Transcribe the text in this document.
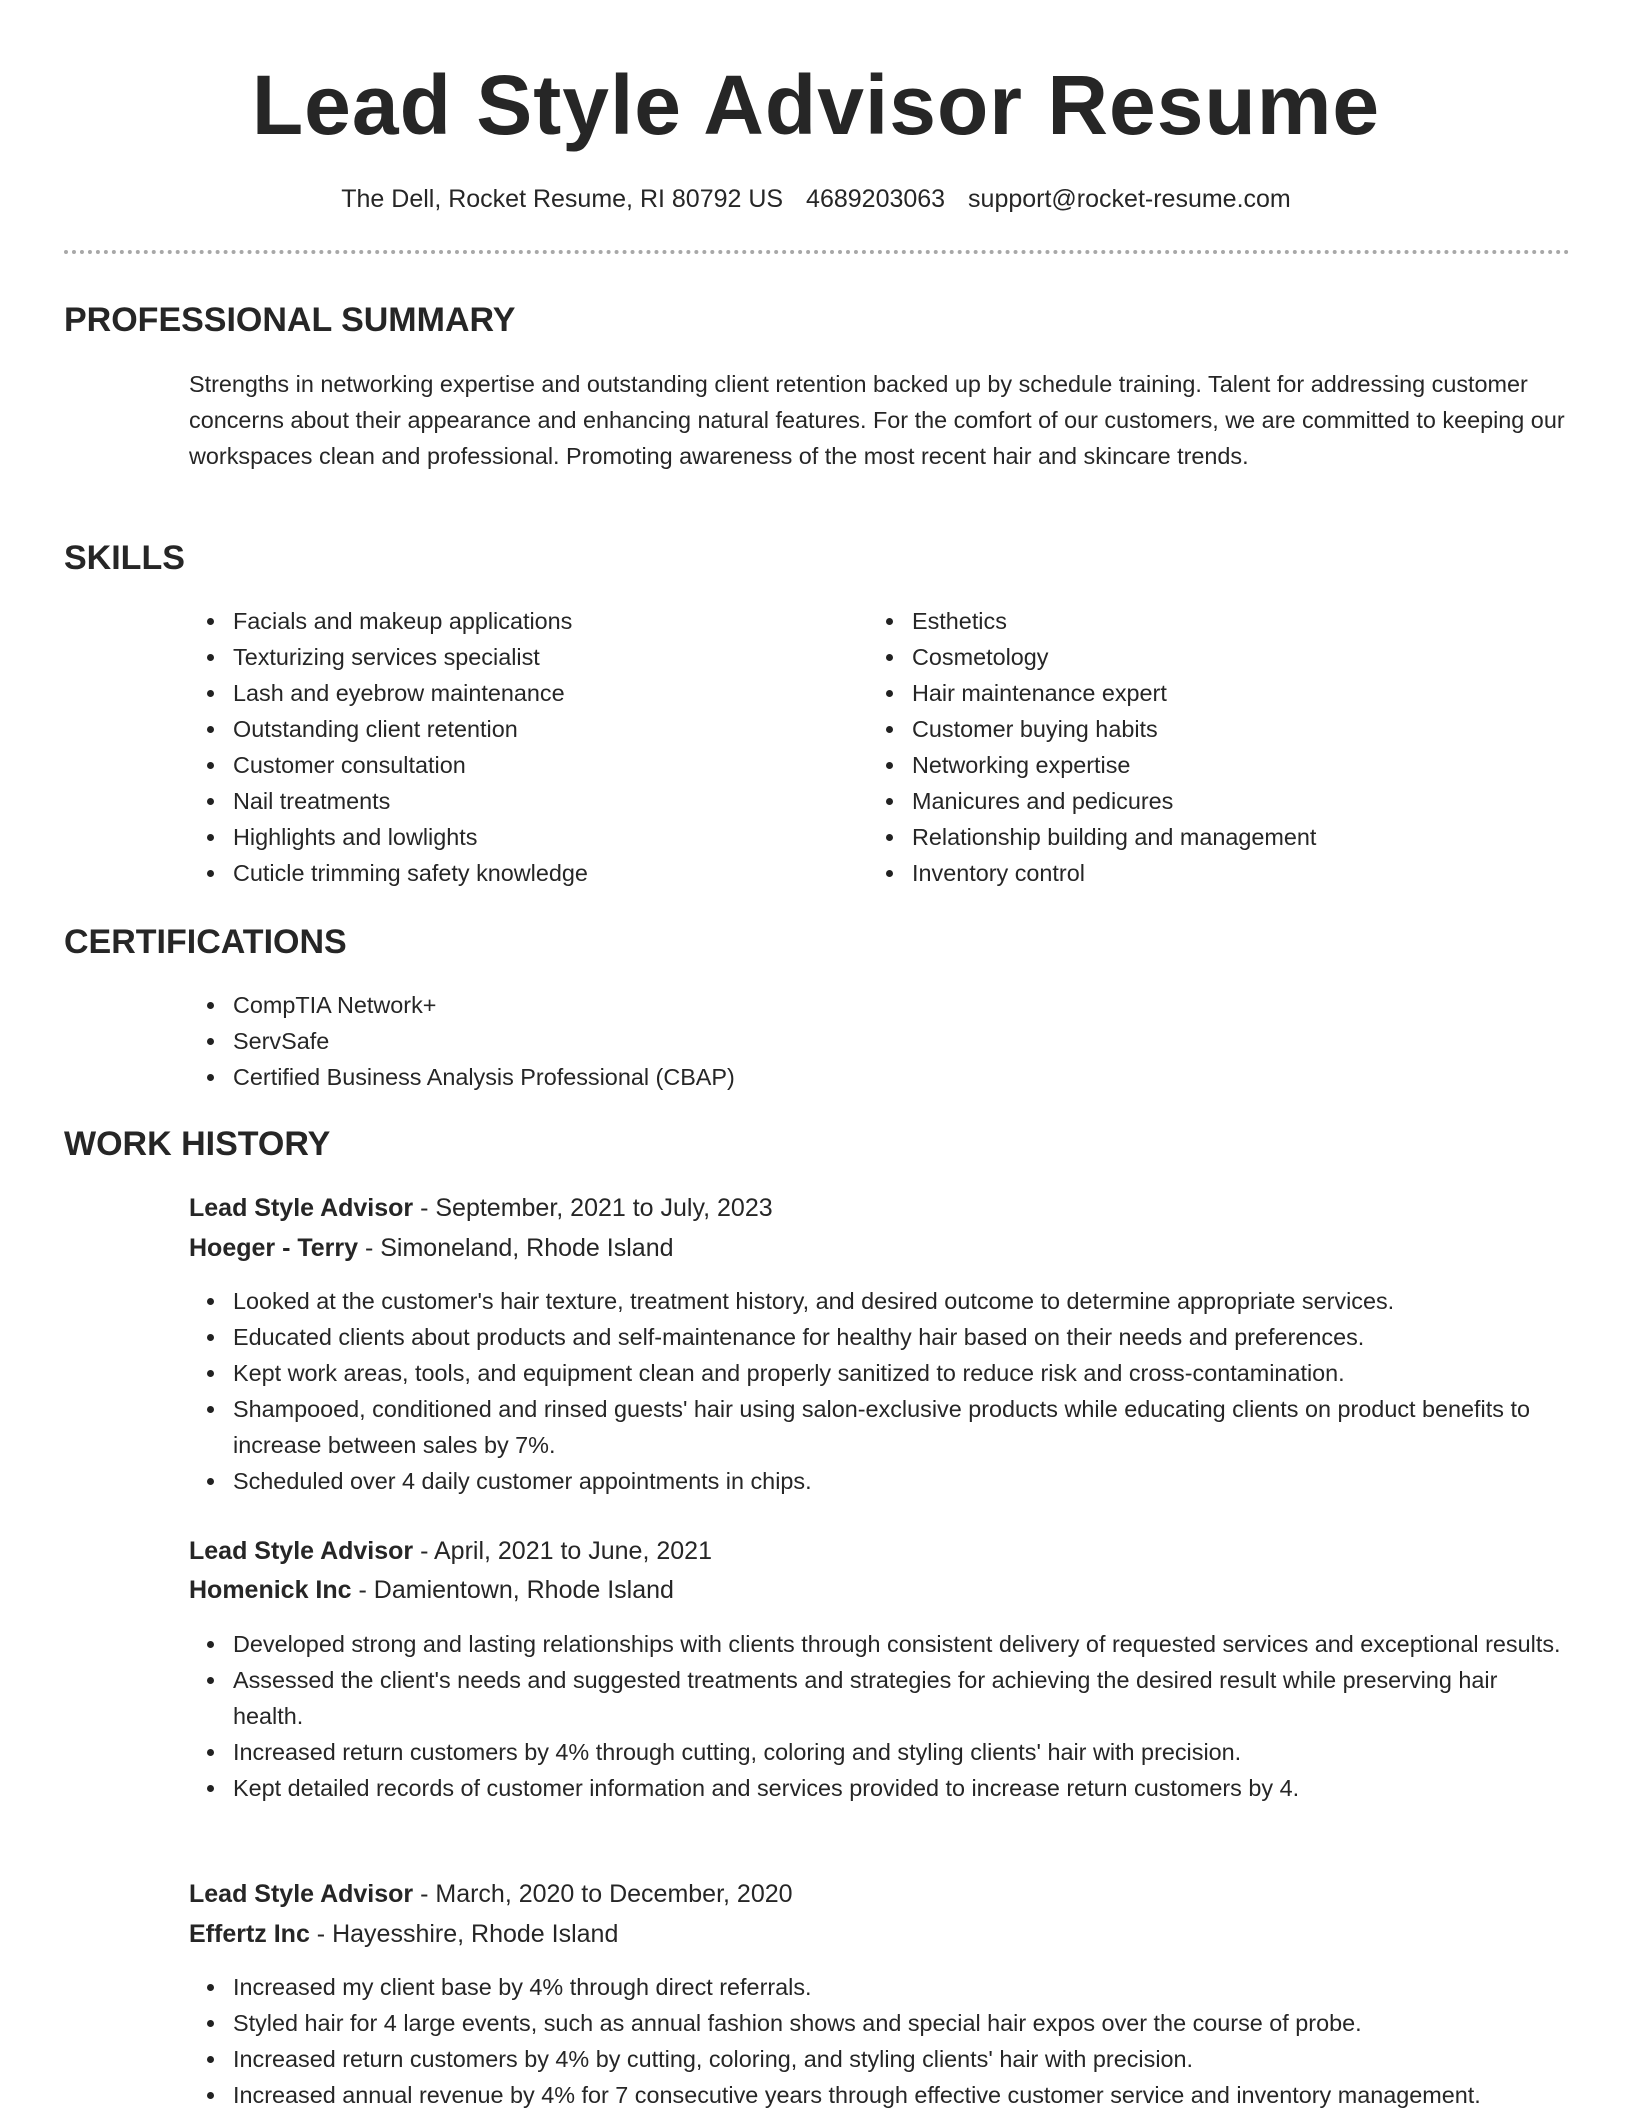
Lead Style Advisor Resume
The Dell, Rocket Resume, RI 80792 US 4689203063 support@rocket-resume.com
PROFESSIONAL SUMMARY
Strengths in networking expertise and outstanding client retention backed up by schedule training. Talent for addressing customer concerns about their appearance and enhancing natural features. For the comfort of our customers, we are committed to keeping our workspaces clean and professional. Promoting awareness of the most recent hair and skincare trends.
SKILLS
Facials and makeup applications
Texturizing services specialist
Lash and eyebrow maintenance
Outstanding client retention
Customer consultation
Nail treatments
Highlights and lowlights
Cuticle trimming safety knowledge
Esthetics
Cosmetology
Hair maintenance expert
Customer buying habits
Networking expertise
Manicures and pedicures
Relationship building and management
Inventory control
CERTIFICATIONS
CompTIA Network+
ServSafe
Certified Business Analysis Professional (CBAP)
WORK HISTORY
Lead Style Advisor - September, 2021 to July, 2023
Hoeger - Terry - Simoneland, Rhode Island
Looked at the customer's hair texture, treatment history, and desired outcome to determine appropriate services.
Educated clients about products and self-maintenance for healthy hair based on their needs and preferences.
Kept work areas, tools, and equipment clean and properly sanitized to reduce risk and cross-contamination.
Shampooed, conditioned and rinsed guests' hair using salon-exclusive products while educating clients on product benefits to increase between sales by 7%.
Scheduled over 4 daily customer appointments in chips.
Lead Style Advisor - April, 2021 to June, 2021
Homenick Inc - Damientown, Rhode Island
Developed strong and lasting relationships with clients through consistent delivery of requested services and exceptional results.
Assessed the client's needs and suggested treatments and strategies for achieving the desired result while preserving hair health.
Increased return customers by 4% through cutting, coloring and styling clients' hair with precision.
Kept detailed records of customer information and services provided to increase return customers by 4.
Lead Style Advisor - March, 2020 to December, 2020
Effertz Inc - Hayesshire, Rhode Island
Increased my client base by 4% through direct referrals.
Styled hair for 4 large events, such as annual fashion shows and special hair expos over the course of probe.
Increased return customers by 4% by cutting, coloring, and styling clients' hair with precision.
Increased annual revenue by 4% for 7 consecutive years through effective customer service and inventory management.
